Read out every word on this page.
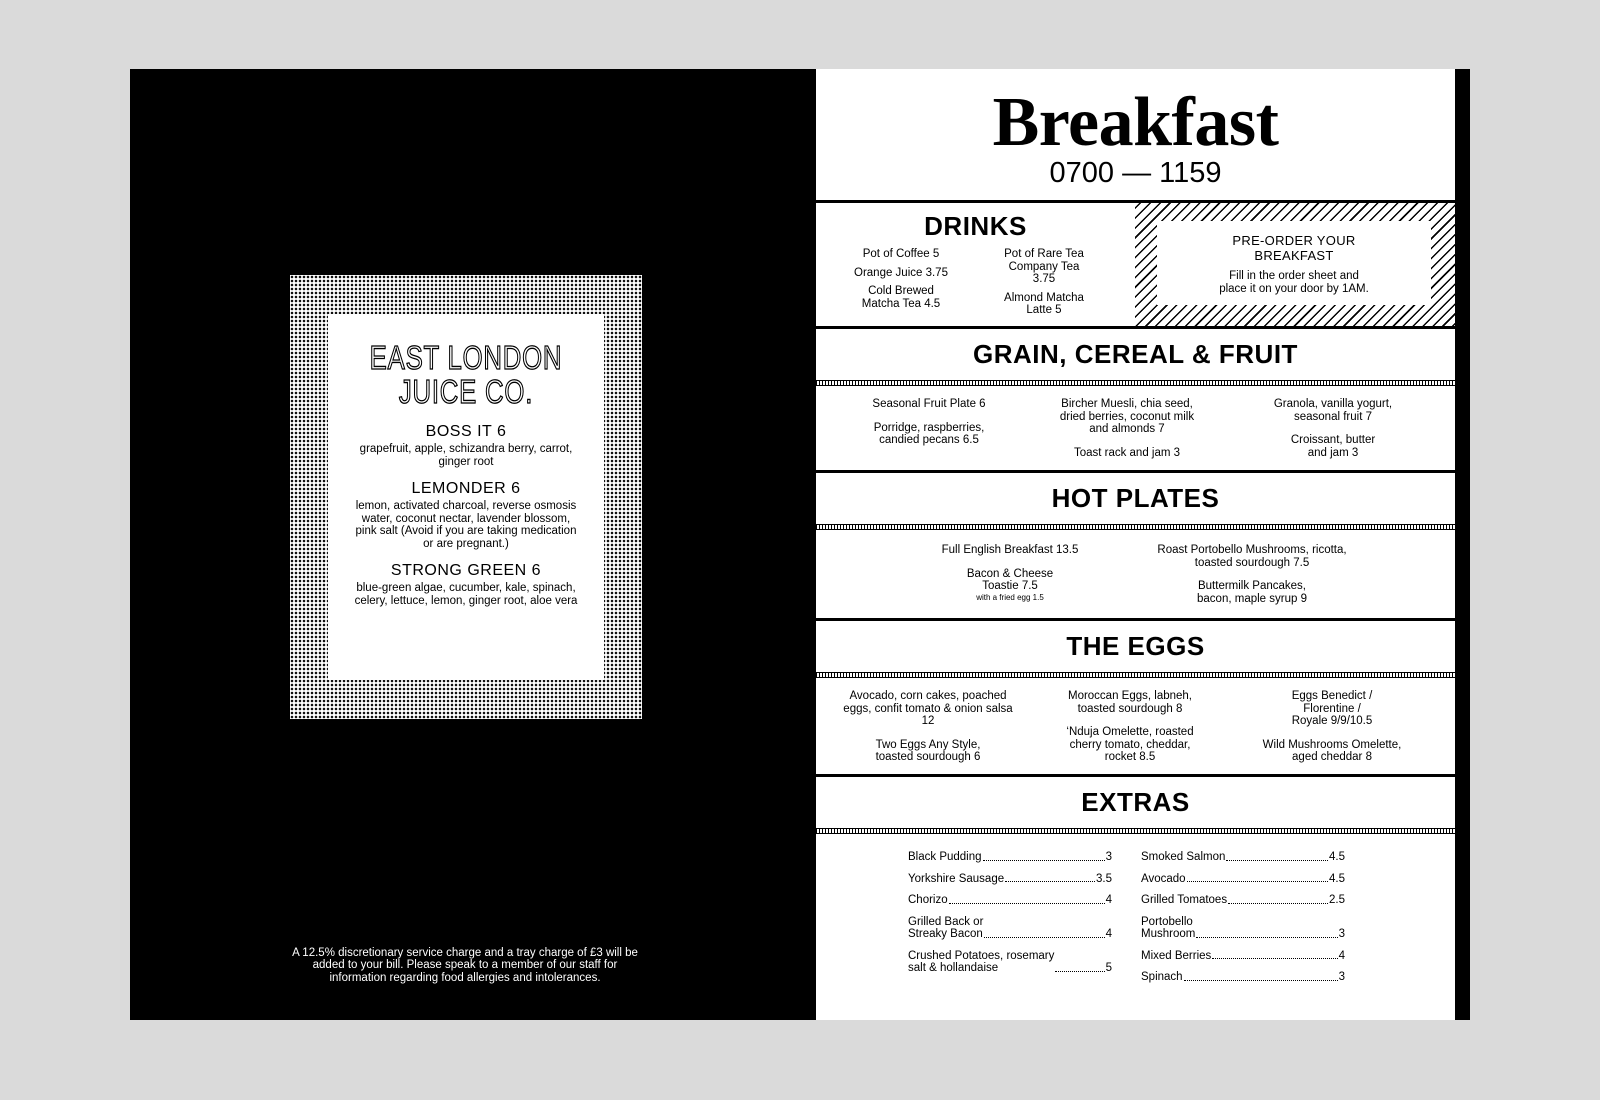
EAST LONDON
JUICE CO.
BOSS IT 6
grapefruit, apple, schizandra berry, carrot, ginger root
LEMONDER 6
lemon, activated charcoal, reverse osmosis water, coconut nectar, lavender blossom, pink salt (Avoid if you are taking medication or are pregnant.)
STRONG GREEN 6
blue-green algae, cucumber, kale, spinach, celery, lettuce, lemon, ginger root, aloe vera
A 12.5% discretionary service charge and a tray charge of £3 will be added to your bill. Please speak to a member of our staff for information regarding food allergies and intolerances.
Breakfast
0700 — 1159
DRINKS
Pot of Coffee 5
Orange Juice 3.75
Cold Brewed Matcha Tea 4.5
Pot of Rare Tea Company Tea 3.75
Almond Matcha Latte 5
PRE-ORDER YOUR BREAKFAST
Fill in the order sheet and place it on your door by 1AM.
GRAIN, CEREAL & FRUIT
Seasonal Fruit Plate 6
Porridge, raspberries, candied pecans 6.5
Bircher Muesli, chia seed, dried berries, coconut milk and almonds 7
Toast rack and jam 3
Granola, vanilla yogurt, seasonal fruit 7
Croissant, butter and jam 3
HOT PLATES
Full English Breakfast 13.5
Bacon & Cheese Toastie 7.5
with a fried egg 1.5
Roast Portobello Mushrooms, ricotta, toasted sourdough 7.5
Buttermilk Pancakes, bacon, maple syrup 9
THE EGGS
Avocado, corn cakes, poached eggs, confit tomato & onion salsa 12
Two Eggs Any Style, toasted sourdough 6
Moroccan Eggs, labneh, toasted sourdough 8
‘Nduja Omelette, roasted cherry tomato, cheddar, rocket 8.5
Eggs Benedict / Florentine / Royale 9/9/10.5
Wild Mushrooms Omelette, aged cheddar 8
EXTRAS
Black Pudding	3
Yorkshire Sausage	3.5
Chorizo	4
Grilled Back or
Streaky Bacon	4
Crushed Potatoes, rosemary
salt & hollandaise	5
Smoked Salmon	4.5
Avocado	4.5
Grilled Tomatoes	2.5
Portobello
Mushroom	3
Mixed Berries	4
Spinach	3
